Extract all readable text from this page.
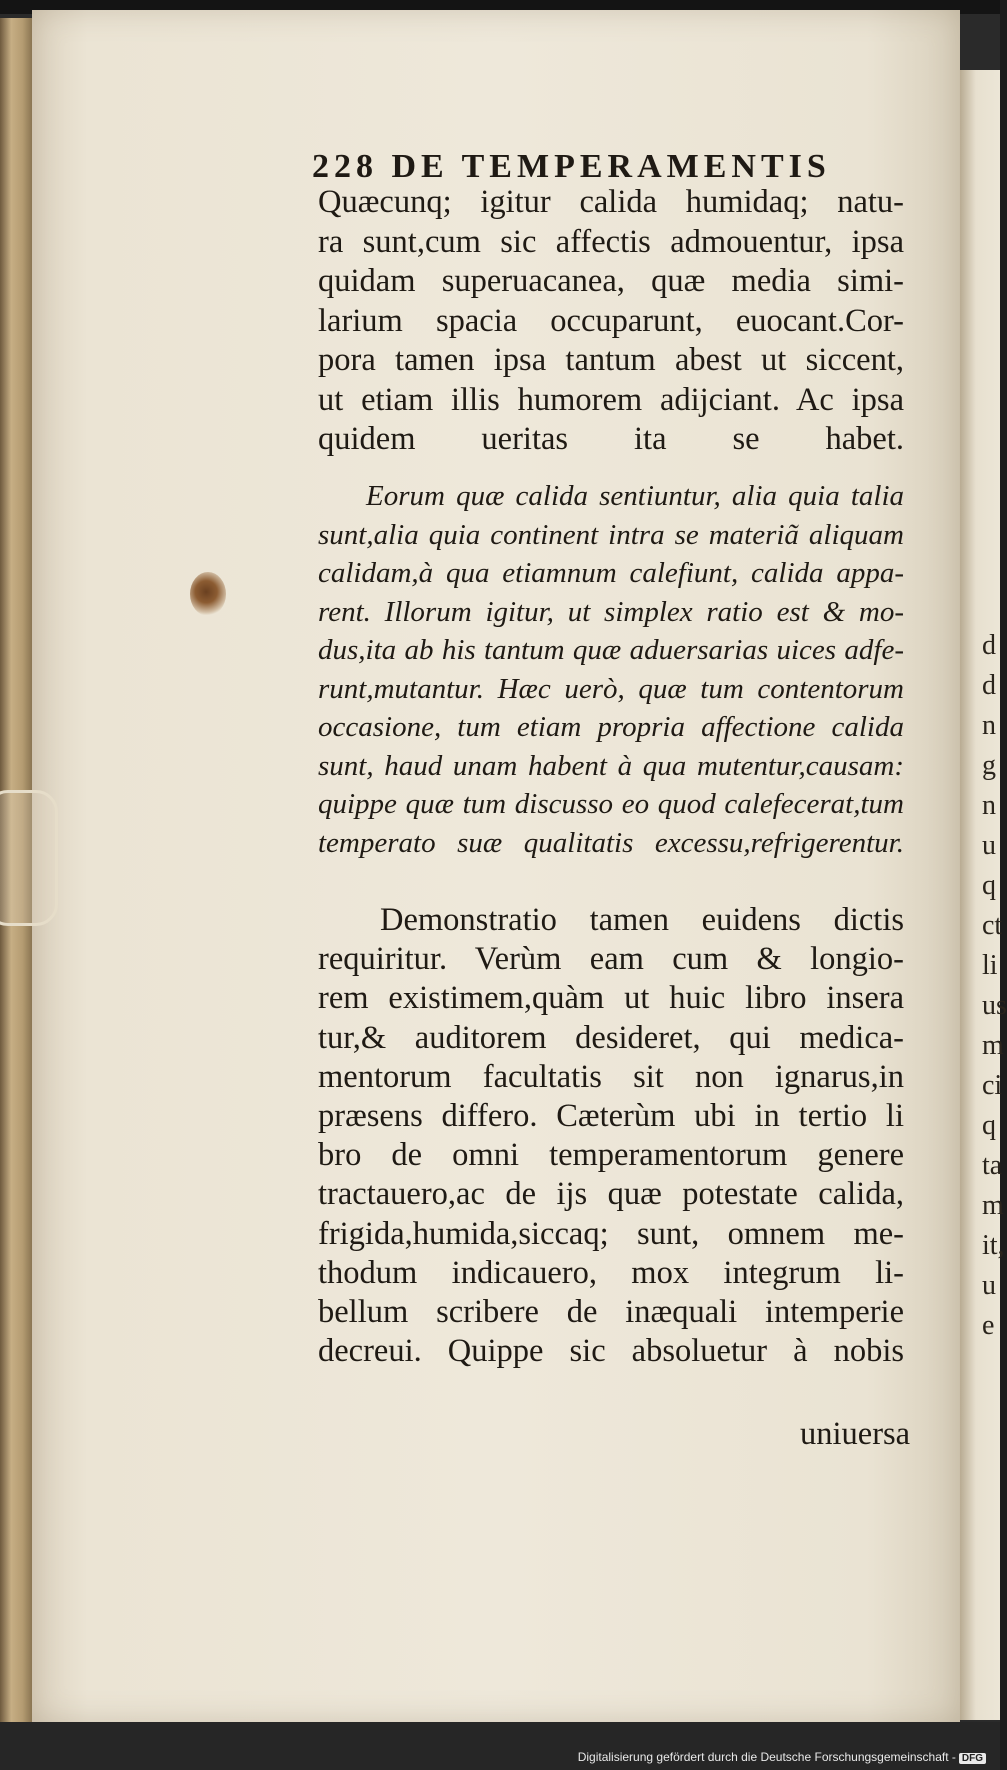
d
d
n
g
n
u
q
ct
li
us
m
ci
q
ta
m
it,
u
e
228 DE TEMPERAMENTIS
Quæcunq; igitur calida humidaq; natu-
ra sunt,cum sic affectis admouentur, ipsa
quidam superuacanea, quæ media simi-
larium spacia occuparunt, euocant.Cor-
pora tamen ipsa tantum abest ut siccent,
ut etiam illis humorem adijciant. Ac ipsa
quidem ueritas ita se habet.
Eorum quæ calida sentiuntur, alia quia talia
sunt,alia quia continent intra se materiã aliquam
calidam,à qua etiamnum calefiunt, calida appa-
rent. Illorum igitur, ut simplex ratio est & mo-
dus,ita ab his tantum quæ aduersarias uices adfe-
runt,mutantur. Hæc uerò, quæ tum contentorum
occasione, tum etiam propria affectione calida
sunt, haud unam habent à qua mutentur,causam:
quippe quæ tum discusso eo quod calefecerat,tum
temperato suæ qualitatis excessu,refrigerentur.
Demonstratio tamen euidens dictis
requiritur. Verùm eam cum & longio-
rem existimem,quàm ut huic libro insera
tur,& auditorem desideret, qui medica-
mentorum facultatis sit non ignarus,in
præsens differo. Cæterùm ubi in tertio li
bro de omni temperamentorum genere
tractauero,ac de ijs quæ potestate calida,
frigida,humida,siccaq; sunt, omnem me-
thodum indicauero, mox integrum li-
bellum scribere de inæquali intemperie
decreui. Quippe sic absoluetur à nobis
uniuersa
Digitalisierung gefördert durch die Deutsche Forschungsgemeinschaft - DFG
